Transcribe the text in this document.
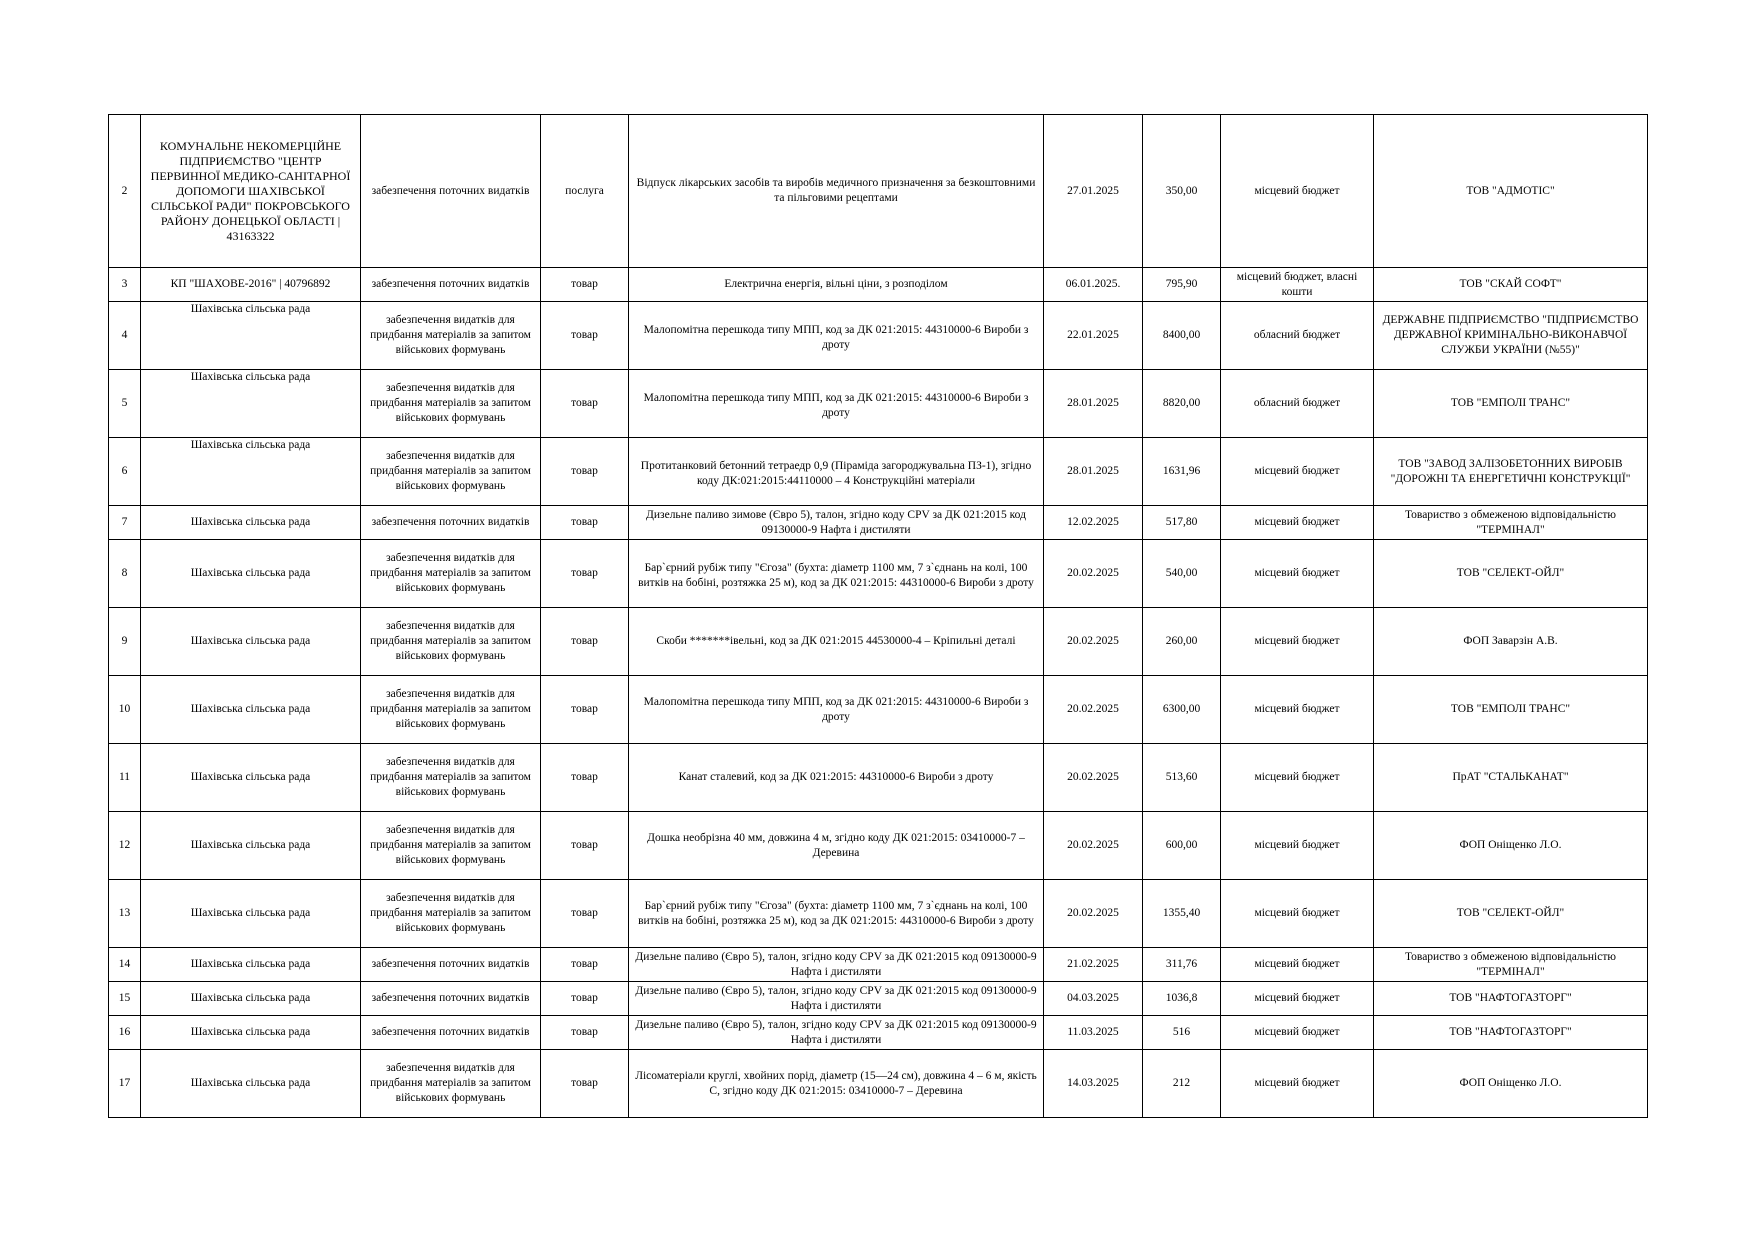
2	КОМУНАЛЬНЕ НЕКОМЕРЦІЙНЕ ПІДПРИЄМСТВО "ЦЕНТР ПЕРВИННОЇ МЕДИКО-САНІТАРНОЇ ДОПОМОГИ ШАХІВСЬКОЇ СІЛЬСЬКОЇ РАДИ" ПОКРОВСЬКОГО РАЙОНУ ДОНЕЦЬКОЇ ОБЛАСТІ | 43163322	забезпечення поточних видатків	послуга	Відпуск лікарських засобів та виробів медичного призначення за безкоштовними та пільговими рецептами	27.01.2025	350,00	місцевий бюджет	ТОВ "АДМОТІС"
3	КП "ШАХОВЕ-2016" | 40796892	забезпечення поточних видатків	товар	Електрична енергія, вільні ціни, з розподілом	06.01.2025.	795,90	місцевий бюджет, власні кошти	ТОВ "СКАЙ СОФТ"
4	Шахівська сільська рада	забезпечення видатків для придбання матеріалів за запитом військових формувань	товар	Малопомітна перешкода типу МПП, код за ДК 021:2015: 44310000-6 Вироби з дроту	22.01.2025	8400,00	обласний бюджет	ДЕРЖАВНЕ ПІДПРИЄМСТВО "ПІДПРИЄМСТВО ДЕРЖАВНОЇ КРИМІНАЛЬНО-ВИКОНАВЧОЇ СЛУЖБИ УКРАЇНИ (№55)"
5	Шахівська сільська рада	забезпечення видатків для придбання матеріалів за запитом військових формувань	товар	Малопомітна перешкода типу МПП, код за ДК 021:2015: 44310000-6 Вироби з дроту	28.01.2025	8820,00	обласний бюджет	ТОВ "ЕМПОЛІ ТРАНС"
6	Шахівська сільська рада	забезпечення видатків для придбання матеріалів за запитом військових формувань	товар	Протитанковий бетонний тетраедр 0,9 (Піраміда загороджувальна ПЗ-1), згідно коду ДК:021:2015:44110000 – 4 Конструкційні матеріали	28.01.2025	1631,96	місцевий бюджет	ТОВ "ЗАВОД ЗАЛІЗОБЕТОННИХ ВИРОБІВ "ДОРОЖНІ ТА ЕНЕРГЕТИЧНІ КОНСТРУКЦІЇ"
7	Шахівська сільська рада	забезпечення поточних видатків	товар	Дизельне паливо зимове (Євро 5), талон, згідно коду CPV за ДК 021:2015 код 09130000-9 Нафта і дистиляти	12.02.2025	517,80	місцевий бюджет	Товариство з обмеженою відповідальністю "ТЕРМІНАЛ"
8	Шахівська сільська рада	забезпечення видатків для придбання матеріалів за запитом військових формувань	товар	Бар`єрний рубіж типу "Єгоза" (бухта: діаметр 1100 мм, 7 з`єднань на колі, 100 витків на бобіні, розтяжка 25 м), код за ДК 021:2015: 44310000-6 Вироби з дроту	20.02.2025	540,00	місцевий бюджет	ТОВ "СЕЛЕКТ-ОЙЛ"
9	Шахівська сільська рада	забезпечення видатків для придбання матеріалів за запитом військових формувань	товар	Скоби *******івельні, код за ДК 021:2015 44530000-4 – Кріпильні деталі	20.02.2025	260,00	місцевий бюджет	ФОП Заварзін А.В.
10	Шахівська сільська рада	забезпечення видатків для придбання матеріалів за запитом військових формувань	товар	Малопомітна перешкода типу МПП, код за ДК 021:2015: 44310000-6 Вироби з дроту	20.02.2025	6300,00	місцевий бюджет	ТОВ "ЕМПОЛІ ТРАНС"
11	Шахівська сільська рада	забезпечення видатків для придбання матеріалів за запитом військових формувань	товар	Канат сталевий, код за ДК 021:2015: 44310000-6 Вироби з дроту	20.02.2025	513,60	місцевий бюджет	ПрАТ "СТАЛЬКАНАТ"
12	Шахівська сільська рада	забезпечення видатків для придбання матеріалів за запитом військових формувань	товар	Дошка необрізна 40 мм, довжина 4 м, згідно коду ДК 021:2015: 03410000-7 – Деревина	20.02.2025	600,00	місцевий бюджет	ФОП Оніщенко Л.О.
13	Шахівська сільська рада	забезпечення видатків для придбання матеріалів за запитом військових формувань	товар	Бар`єрний рубіж типу "Єгоза" (бухта: діаметр 1100 мм, 7 з`єднань на колі, 100 витків на бобіні, розтяжка 25 м), код за ДК 021:2015: 44310000-6 Вироби з дроту	20.02.2025	1355,40	місцевий бюджет	ТОВ "СЕЛЕКТ-ОЙЛ"
14	Шахівська сільська рада	забезпечення поточних видатків	товар	Дизельне паливо (Євро 5), талон, згідно коду CPV за ДК 021:2015 код 09130000-9 Нафта і дистиляти	21.02.2025	311,76	місцевий бюджет	Товариство з обмеженою відповідальністю "ТЕРМІНАЛ"
15	Шахівська сільська рада	забезпечення поточних видатків	товар	Дизельне паливо (Євро 5), талон, згідно коду CPV за ДК 021:2015 код 09130000-9 Нафта і дистиляти	04.03.2025	1036,8	місцевий бюджет	ТОВ "НАФТОГАЗТОРГ"
16	Шахівська сільська рада	забезпечення поточних видатків	товар	Дизельне паливо (Євро 5), талон, згідно коду CPV за ДК 021:2015 код 09130000-9 Нафта і дистиляти	11.03.2025	516	місцевий бюджет	ТОВ "НАФТОГАЗТОРГ"
17	Шахівська сільська рада	забезпечення видатків для придбання матеріалів за запитом військових формувань	товар	Лісоматеріали круглі, хвойних порід, діаметр (15—24 см), довжина 4 – 6 м, якість С, згідно коду ДК 021:2015: 03410000-7 – Деревина	14.03.2025	212	місцевий бюджет	ФОП Оніщенко Л.О.
